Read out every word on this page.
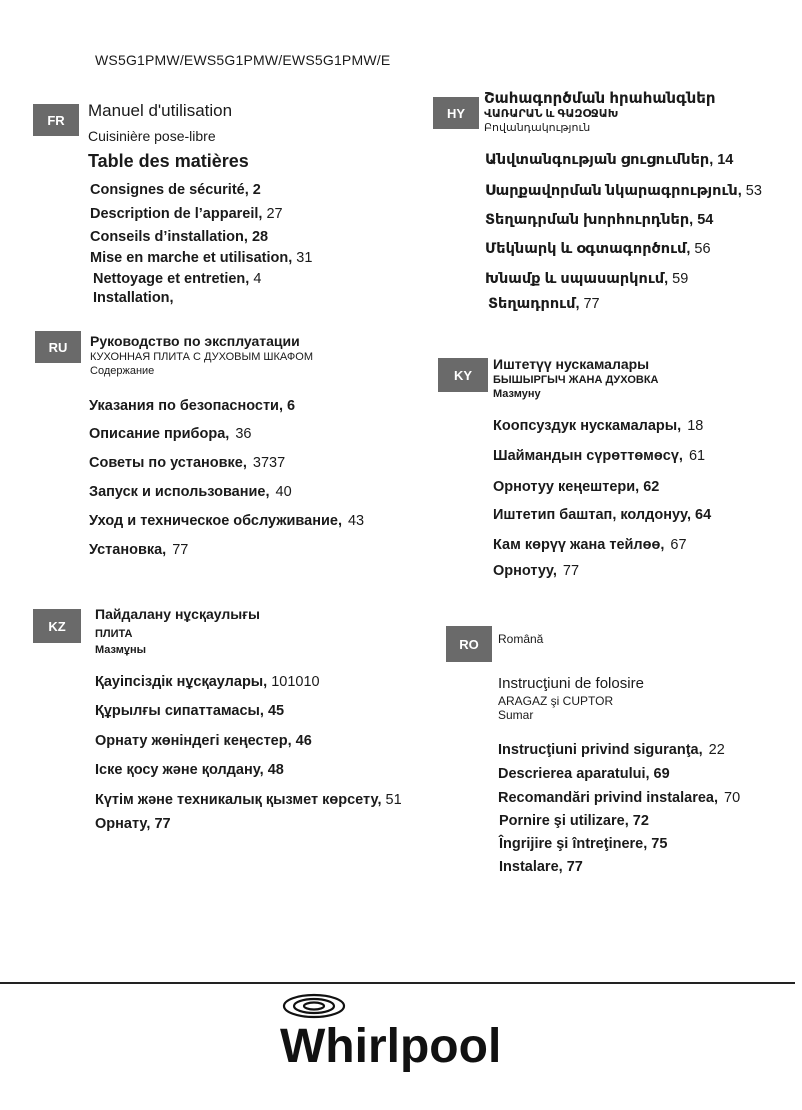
WS5G1PMW/EWS5G1PMW/EWS5G1PMW/E
FR	Manuel d'utilisation
Cuisinière pose-libre
Table des matières
Consignes de sécurité, 2
Description de l’appareil, 27
Conseils d’installation, 28
Mise en marche et utilisation, 31
Nettoyage et entretien, 4
Installation,
HY
Շահագործման հրահանգներ
ՎԱՌԱՐԱՆ և ԳԱԶՕՋԱԽ
Բովանդակություն
Անվտանգության ցուցումներ, 14
Սարքավորման նկարագրություն, 53
Տեղադրման խորհուրդներ, 54
Մեկնարկ և օգտագործում, 56
Խնամք և սպասարկում, 59
Տեղադրում, 77
RU	Руководство по эксплуатации
КУХОННАЯ ПЛИТА С ДУХОВЫМ ШКАФОМ
Содержание
Указания по безопасности, 6
Описание прибора, 36
Советы по установке, 3737
Запуск и использование, 40
Уход и техническое обслуживание, 43
Установка, 77
KY
Иштетүү нускамалары
БЫШЫРГЫЧ ЖАНА ДУХОВКА
Мазмуну
Коопсуздук нускамалары, 18
Шаймандын сүрөттөмөсү, 61
Орнотуу кеңештери, 62
Иштетип баштап, колдонуу, 64
Кам көрүү жана тейлөө, 67
Орнотуу, 77
KZ
Пайдалану нұсқаулығы
ПЛИТА
Мазмұны
Қауіпсіздік нұсқаулары, 101010
Құрылғы сипаттамасы, 45
Орнату жөніндегі кеңестер, 46
Іске қосу және қолдану, 48
Күтім және техникалық қызмет көрсету, 51
Орнату, 77
RO	Română
Instrucţiuni de folosire
ARAGAZ şi CUPTOR
Sumar
Instrucţiuni privind siguranţa, 22
Descrierea aparatului, 69
Recomandări privind instalarea, 70
Pornire şi utilizare, 72
Îngrijire şi întreţinere, 75
Instalare, 77
Whirlpool
